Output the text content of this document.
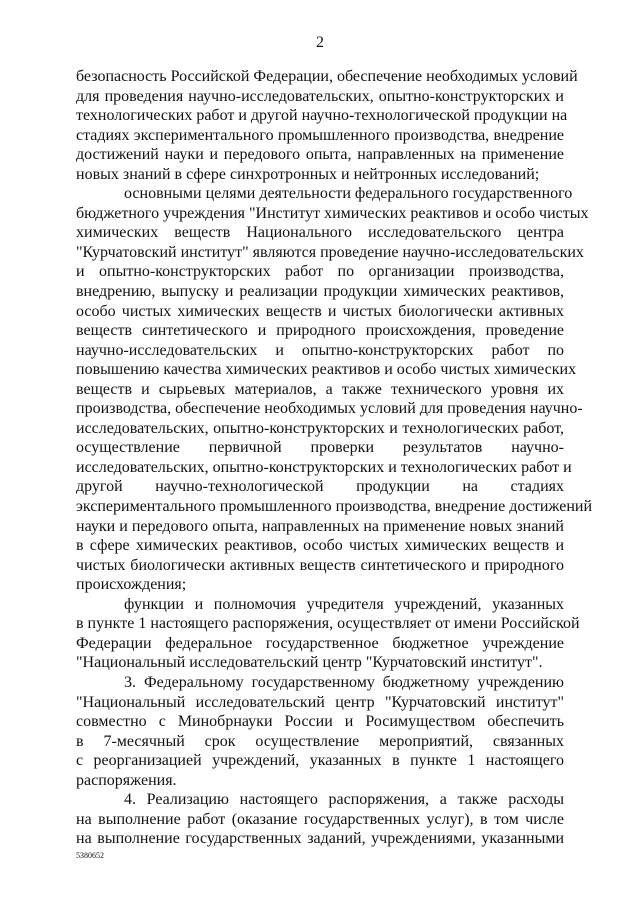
2
безопасность Российской Федерации, обеспечение необходимых условий
для проведения научно-исследовательских, опытно-конструкторских и
технологических работ и другой научно-технологической продукции на
стадиях экспериментального промышленного производства, внедрение
достижений науки и передового опыта, направленных на применение
новых знаний в сфере синхротронных и нейтронных исследований;
основными целями деятельности федерального государственного
бюджетного учреждения "Институт химических реактивов и особо чистых
химических веществ Национального исследовательского центра
"Курчатовский институт" являются проведение научно-исследовательских
и опытно-конструкторских работ по организации производства,
внедрению, выпуску и реализации продукции химических реактивов,
особо чистых химических веществ и чистых биологически активных
веществ синтетического и природного происхождения, проведение
научно-исследовательских и опытно-конструкторских работ по
повышению качества химических реактивов и особо чистых химических
веществ и сырьевых материалов, а также технического уровня их
производства, обеспечение необходимых условий для проведения научно-
исследовательских, опытно-конструкторских и технологических работ,
осуществление первичной проверки результатов научно-
исследовательских, опытно-конструкторских и технологических работ и
другой научно-технологической продукции на стадиях
экспериментального промышленного производства, внедрение достижений
науки и передового опыта, направленных на применение новых знаний
в сфере химических реактивов, особо чистых химических веществ и
чистых биологически активных веществ синтетического и природного
происхождения;
функции и полномочия учредителя учреждений, указанных
в пункте 1 настоящего распоряжения, осуществляет от имени Российской
Федерации федеральное государственное бюджетное учреждение
"Национальный исследовательский центр "Курчатовский институт".
3. Федеральному государственному бюджетному учреждению
"Национальный исследовательский центр "Курчатовский институт"
совместно с Минобрнауки России и Росимуществом обеспечить
в 7-месячный срок осуществление мероприятий, связанных
с реорганизацией учреждений, указанных в пункте 1 настоящего
распоряжения.
4. Реализацию настоящего распоряжения, а также расходы
на выполнение работ (оказание государственных услуг), в том числе
на выполнение государственных заданий, учреждениями, указанными
5380652
